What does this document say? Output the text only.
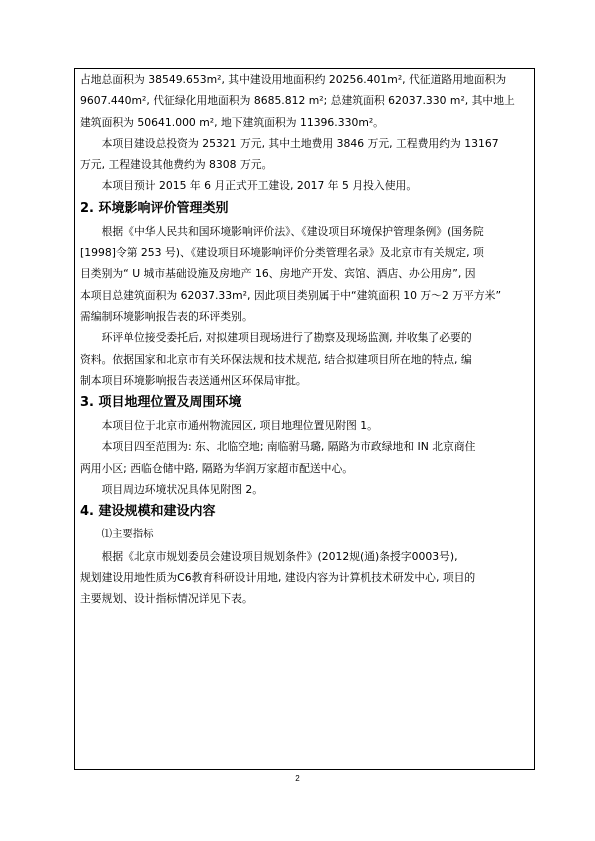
占地总面积为 38549.653m², 其中建设用地面积约 20256.401m², 代征道路用地面积为

9607.440m², 代征绿化用地面积为 8685.812 m²; 总建筑面积 62037.330 m², 其中地上

建筑面积为 50641.000 m², 地下建筑面积为 11396.330m²。

本项目建设总投资为 25321 万元, 其中土地费用 3846 万元, 工程费用约为 13167

万元, 工程建设其他费约为 8308 万元。

本项目预计 2015 年 6 月正式开工建设, 2017 年 5 月投入使用。

2. 环境影响评价管理类别

根据《中华人民共和国环境影响评价法》、《建设项目环境保护管理条例》(国务院

[1998]令第 253 号)、《建设项目环境影响评价分类管理名录》及北京市有关规定, 项

目类别为“ U 城市基础设施及房地产 16、房地产开发、宾馆、酒店、办公用房”, 因

本项目总建筑面积为 62037.33m², 因此项目类别属于中“建筑面积 10 万～2 万平方米”

需编制环境影响报告表的环评类别。

环评单位接受委托后, 对拟建项目现场进行了勘察及现场监测, 并收集了必要的

资料。依据国家和北京市有关环保法规和技术规范, 结合拟建项目所在地的特点, 编

制本项目环境影响报告表送通州区环保局审批。

3. 项目地理位置及周围环境

本项目位于北京市通州物流园区, 项目地理位置见附图 1。

本项目四至范围为: 东、北临空地; 南临驸马璐, 隔路为市政绿地和 IN 北京商住

两用小区; 西临仓储中路, 隔路为华润万家超市配送中心。

项目周边环境状况具体见附图 2。

4. 建设规模和建设内容

⑴主要指标

根据《北京市规划委员会建设项目规划条件》(2012规(通)条授字0003号),

规划建设用地性质为C6教育科研设计用地, 建设内容为计算机技术研发中心, 项目的

主要规划、设计指标情况详见下表。

2
